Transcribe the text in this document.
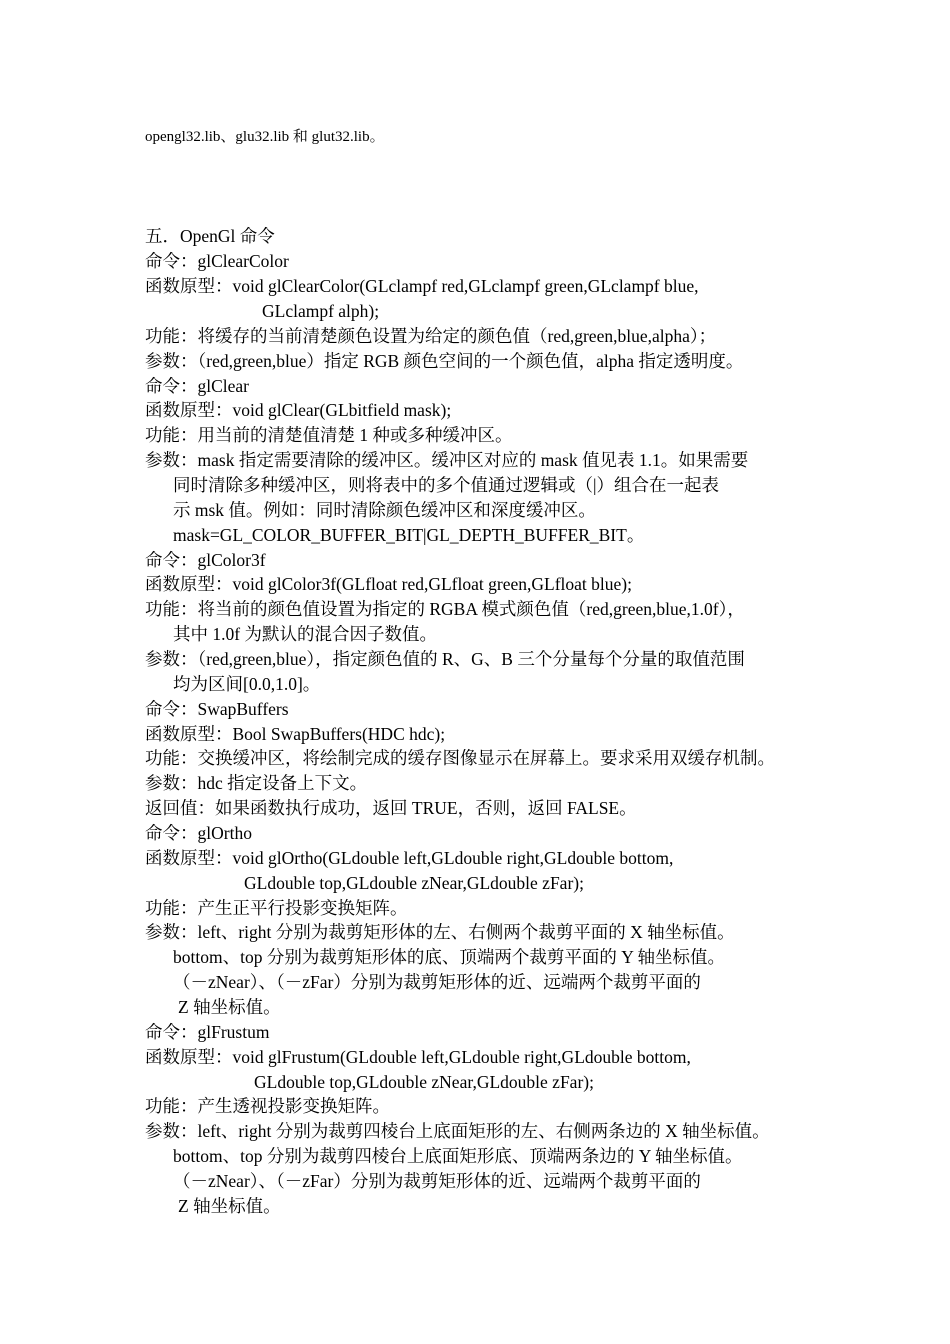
opengl32.lib、glu32.lib 和 glut32.lib。
五．OpenGl 命令
命令：glClearColor
函数原型：void glClearColor(GLclampf red,GLclampf green,GLclampf blue,
GLclampf alph);
功能：将缓存的当前清楚颜色设置为给定的颜色值（red,green,blue,alpha）；
参数：（red,green,blue）指定 RGB 颜色空间的一个颜色值，alpha 指定透明度。
命令：glClear
函数原型：void glClear(GLbitfield mask);
功能：用当前的清楚值清楚 1 种或多种缓冲区。
参数：mask 指定需要清除的缓冲区。缓冲区对应的 mask 值见表 1.1。如果需要
同时清除多种缓冲区，则将表中的多个值通过逻辑或（|）组合在一起表
示 msk 值。例如：同时清除颜色缓冲区和深度缓冲区。
mask=GL_COLOR_BUFFER_BIT|GL_DEPTH_BUFFER_BIT。
命令：glColor3f
函数原型：void glColor3f(GLfloat red,GLfloat green,GLfloat blue);
功能：将当前的颜色值设置为指定的 RGBA 模式颜色值（red,green,blue,1.0f），
其中 1.0f 为默认的混合因子数值。
参数：（red,green,blue），指定颜色值的 R、G、B 三个分量每个分量的取值范围
均为区间[0.0,1.0]。
命令：SwapBuffers
函数原型：Bool SwapBuffers(HDC hdc);
功能：交换缓冲区，将绘制完成的缓存图像显示在屏幕上。要求采用双缓存机制。
参数：hdc 指定设备上下文。
返回值：如果函数执行成功，返回 TRUE，否则，返回 FALSE。
命令：glOrtho
函数原型：void glOrtho(GLdouble left,GLdouble right,GLdouble bottom,
GLdouble top,GLdouble zNear,GLdouble zFar);
功能：产生正平行投影变换矩阵。
参数：left、right 分别为裁剪矩形体的左、右侧两个裁剪平面的 X 轴坐标值。
bottom、top 分别为裁剪矩形体的底、顶端两个裁剪平面的 Y 轴坐标值。
（－zNear）、（－zFar）分别为裁剪矩形体的近、远端两个裁剪平面的
Z 轴坐标值。
命令：glFrustum
函数原型：void glFrustum(GLdouble left,GLdouble right,GLdouble bottom,
GLdouble top,GLdouble zNear,GLdouble zFar);
功能：产生透视投影变换矩阵。
参数：left、right 分别为裁剪四棱台上底面矩形的左、右侧两条边的 X 轴坐标值。
bottom、top 分别为裁剪四棱台上底面矩形底、顶端两条边的 Y 轴坐标值。
（－zNear）、（－zFar）分别为裁剪矩形体的近、远端两个裁剪平面的
Z 轴坐标值。
